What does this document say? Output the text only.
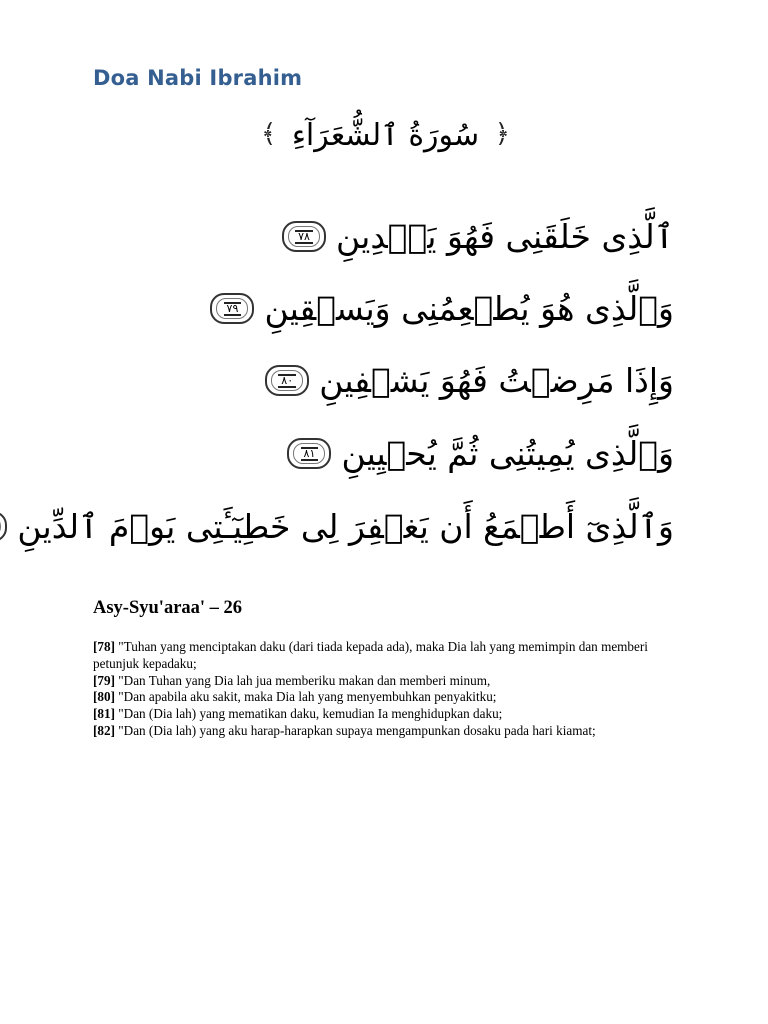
Doa Nabi Ibrahim
﴿ سُورَةُ ٱلشُّعَرَآءِ ﴾
ٱلَّذِى خَلَقَنِى فَهُوَ يَہۡدِينِ
٧٨
وَٱلَّذِى هُوَ يُطۡعِمُنِى وَيَسۡقِينِ
٧٩
وَإِذَا مَرِضۡتُ فَهُوَ يَشۡفِينِ
٨٠
وَٱلَّذِى يُمِيتُنِى ثُمَّ يُحۡيِينِ
٨١
وَٱلَّذِىٓ أَطۡمَعُ أَن يَغۡفِرَ لِى خَطِيٓـَٔتِى يَوۡمَ ٱلدِّينِ
Asy-Syu'araa' – 26

[78] "Tuhan yang menciptakan daku (dari tiada kepada ada), maka Dia lah yang memimpin dan memberi petunjuk kepadaku;

[79] "Dan Tuhan yang Dia lah jua memberiku makan dan memberi minum,

[80] "Dan apabila aku sakit, maka Dia lah yang menyembuhkan penyakitku;

[81] "Dan (Dia lah) yang mematikan daku, kemudian Ia menghidupkan daku;

[82] "Dan (Dia lah) yang aku harap-harapkan supaya mengampunkan dosaku pada hari kiamat;
